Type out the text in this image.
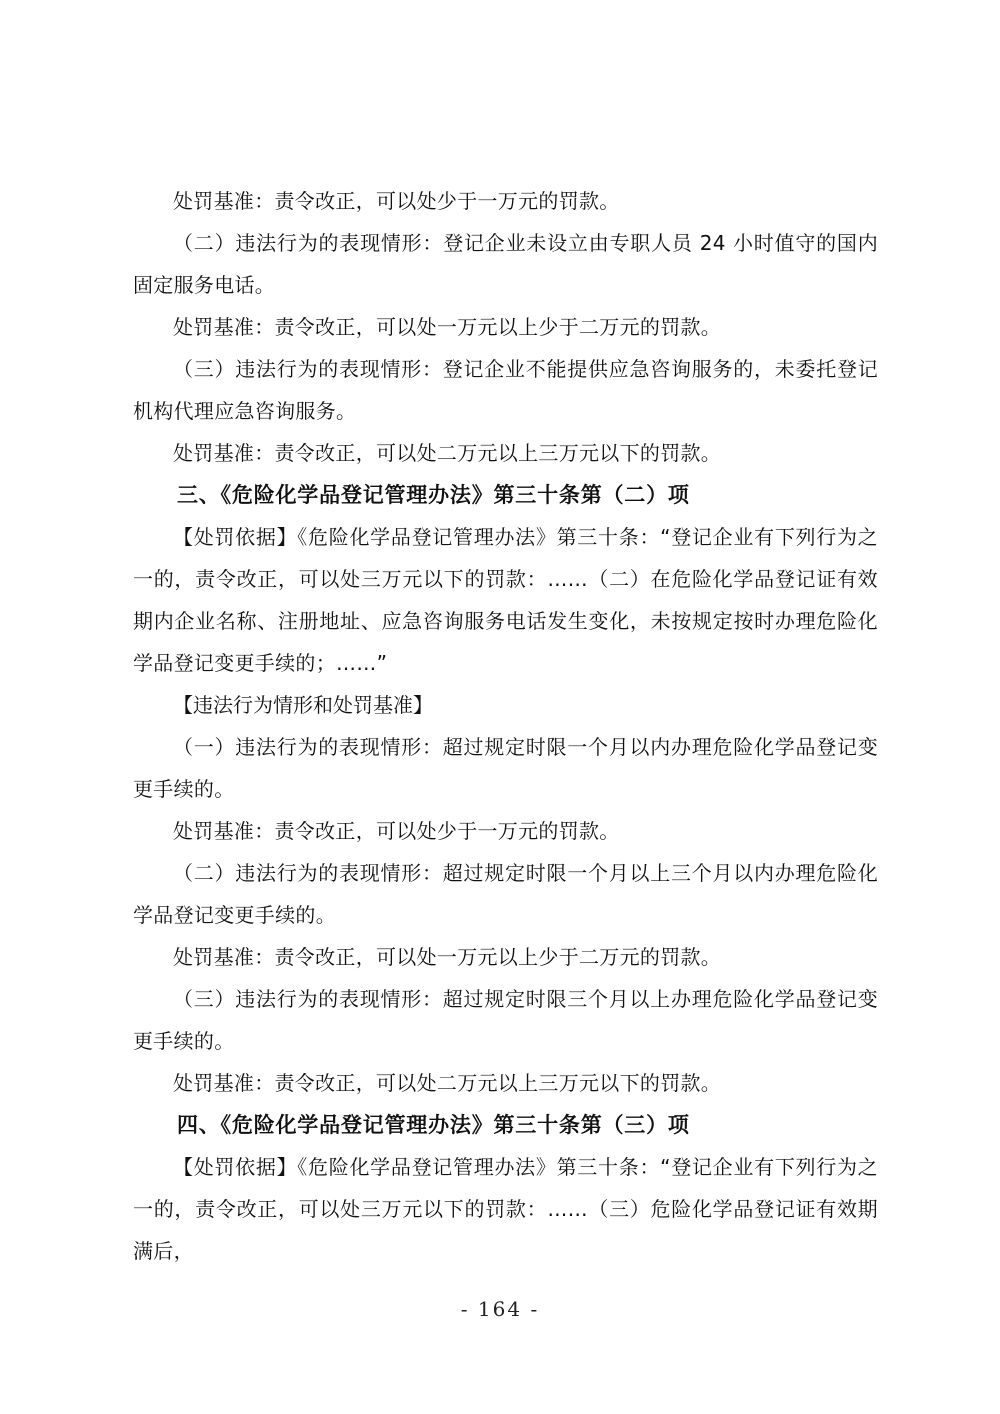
处罚基准：责令改正，可以处少于一万元的罚款。

（二）违法行为的表现情形：登记企业未设立由专职人员 24 小时值守的国内固定服务电话。

处罚基准：责令改正，可以处一万元以上少于二万元的罚款。

（三）违法行为的表现情形：登记企业不能提供应急咨询服务的，未委托登记机构代理应急咨询服务。

处罚基准：责令改正，可以处二万元以上三万元以下的罚款。

三、《危险化学品登记管理办法》第三十条第（二）项

【处罚依据】《危险化学品登记管理办法》第三十条：“登记企业有下列行为之一的，责令改正，可以处三万元以下的罚款：……（二）在危险化学品登记证有效期内企业名称、注册地址、应急咨询服务电话发生变化，未按规定按时办理危险化学品登记变更手续的；……”

【违法行为情形和处罚基准】

（一）违法行为的表现情形：超过规定时限一个月以内办理危险化学品登记变更手续的。

处罚基准：责令改正，可以处少于一万元的罚款。

（二）违法行为的表现情形：超过规定时限一个月以上三个月以内办理危险化学品登记变更手续的。

处罚基准：责令改正，可以处一万元以上少于二万元的罚款。

（三）违法行为的表现情形：超过规定时限三个月以上办理危险化学品登记变更手续的。

处罚基准：责令改正，可以处二万元以上三万元以下的罚款。

四、《危险化学品登记管理办法》第三十条第（三）项

【处罚依据】《危险化学品登记管理办法》第三十条：“登记企业有下列行为之一的，责令改正，可以处三万元以下的罚款：……（三）危险化学品登记证有效期满后，

- 164 -
